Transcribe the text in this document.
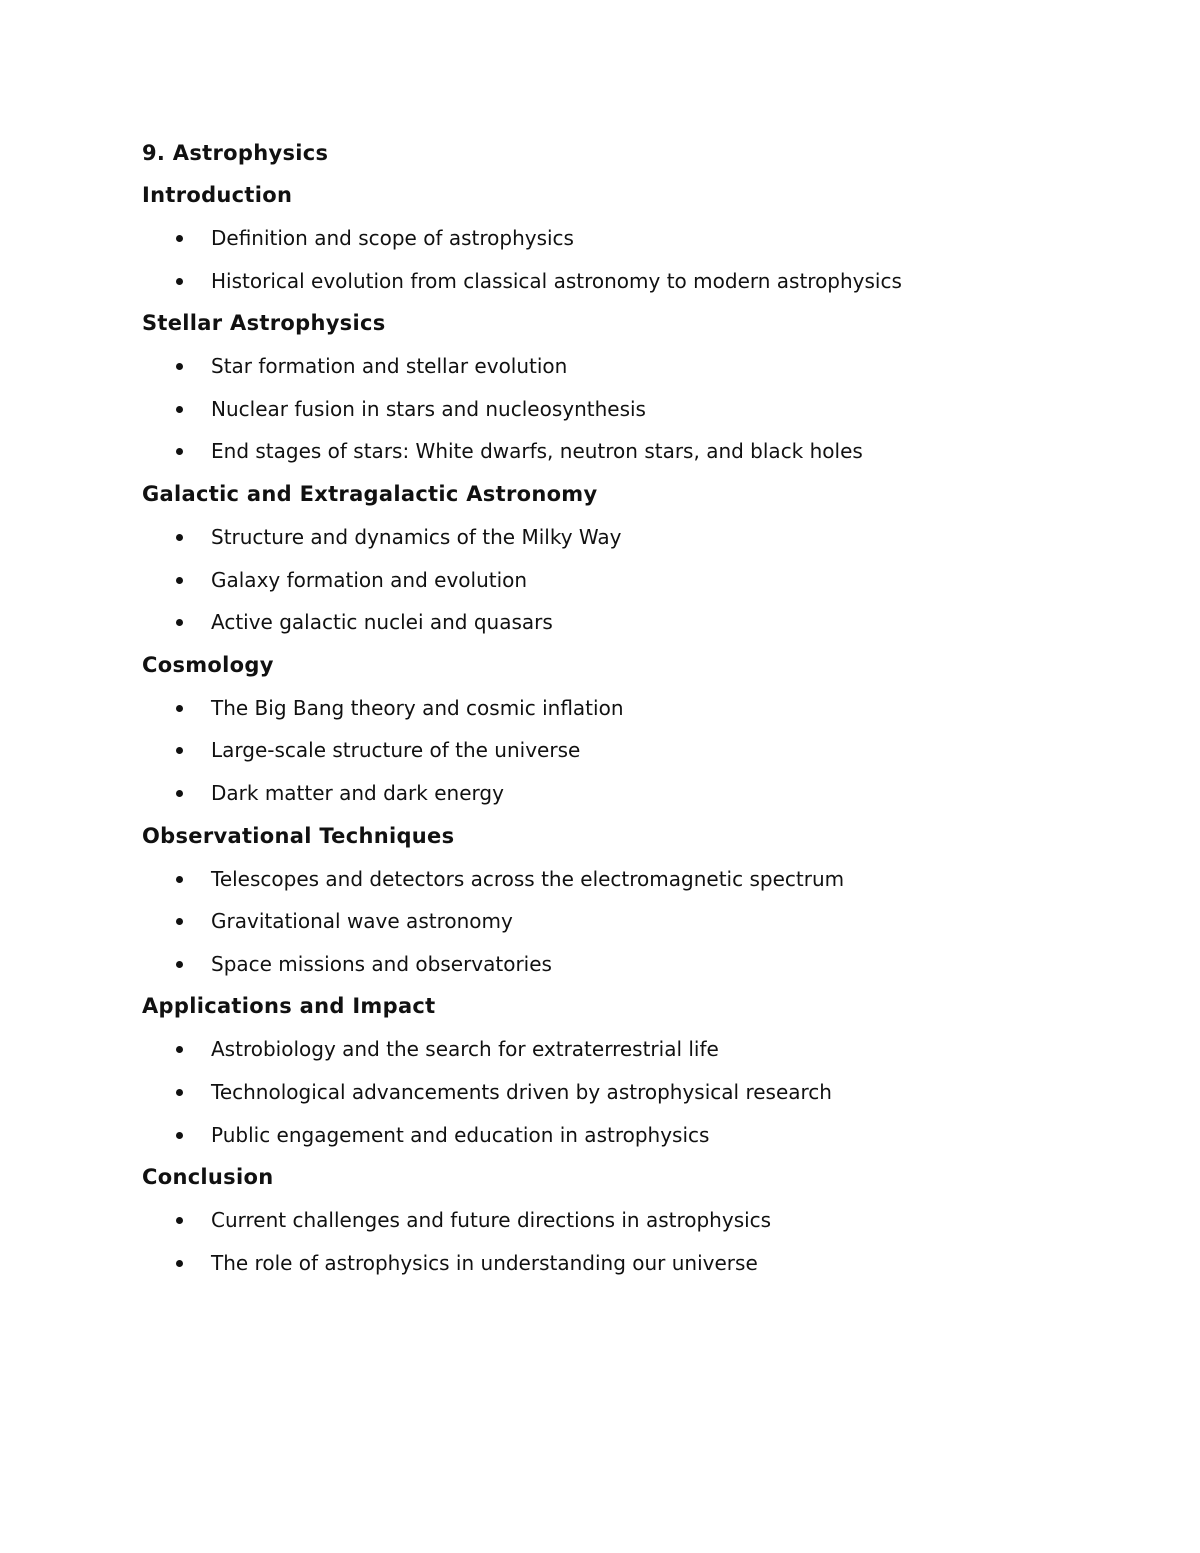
9. Astrophysics
Introduction
Definition and scope of astrophysics
Historical evolution from classical astronomy to modern astrophysics
Stellar Astrophysics
Star formation and stellar evolution
Nuclear fusion in stars and nucleosynthesis
End stages of stars: White dwarfs, neutron stars, and black holes
Galactic and Extragalactic Astronomy
Structure and dynamics of the Milky Way
Galaxy formation and evolution
Active galactic nuclei and quasars
Cosmology
The Big Bang theory and cosmic inflation
Large-scale structure of the universe
Dark matter and dark energy
Observational Techniques
Telescopes and detectors across the electromagnetic spectrum
Gravitational wave astronomy
Space missions and observatories
Applications and Impact
Astrobiology and the search for extraterrestrial life
Technological advancements driven by astrophysical research
Public engagement and education in astrophysics
Conclusion
Current challenges and future directions in astrophysics
The role of astrophysics in understanding our universe
